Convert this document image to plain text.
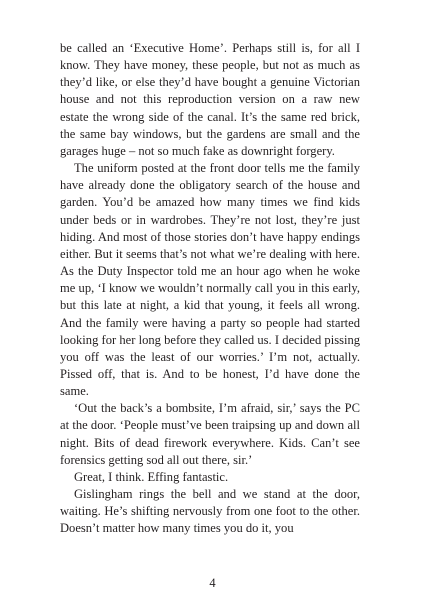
be called an ‘Executive Home’. Perhaps still is, for all I know. They have money, these people, but not as much as they’d like, or else they’d have bought a genuine Victorian house and not this reproduction version on a raw new estate the wrong side of the canal. It’s the same red brick, the same bay windows, but the gardens are small and the garages huge – not so much fake as downright forgery.

The uniform posted at the front door tells me the family have already done the obligatory search of the house and garden. You’d be amazed how many times we find kids under beds or in wardrobes. They’re not lost, they’re just hiding. And most of those stories don’t have happy endings either. But it seems that’s not what we’re dealing with here. As the Duty Inspector told me an hour ago when he woke me up, ‘I know we wouldn’t normally call you in this early, but this late at night, a kid that young, it feels all wrong. And the family were having a party so people had started looking for her long before they called us. I decided pissing you off was the least of our worries.’ I’m not, actually. Pissed off, that is. And to be honest, I’d have done the same.

‘Out the back’s a bombsite, I’m afraid, sir,’ says the PC at the door. ‘People must’ve been traipsing up and down all night. Bits of dead firework everywhere. Kids. Can’t see forensics getting sod all out there, sir.’

Great, I think. Effing fantastic.

Gislingham rings the bell and we stand at the door, waiting. He’s shifting nervously from one foot to the other. Doesn’t matter how many times you do it, you

4
